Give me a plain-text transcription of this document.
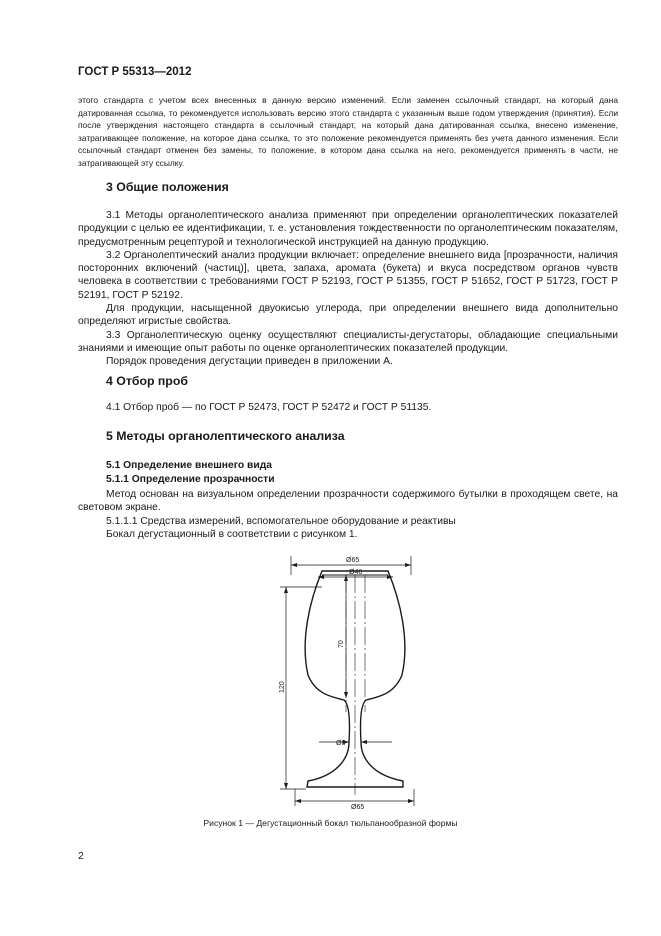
ГОСТ Р 55313—2012
этого стандарта с учетом всех внесенных в данную версию изменений. Если заменен ссылочный стандарт, на который дана датированная ссылка, то рекомендуется использовать версию этого стандарта с указанным выше годом утверждения (принятия). Если после утверждения настоящего стандарта в ссылочный стандарт, на который дана датированная ссылка, внесено изменение, затрагивающее положение, на которое дана ссылка, то это положение рекомендуется применять без учета данного изменения. Если ссылочный стандарт отменен без замены, то положение, в котором дана ссылка на него, рекомендуется применять в части, не затрагивающей эту ссылку.
3 Общие положения

3.1 Методы органолептического анализа применяют при определении органолептических показателей продукции с целью ее идентификации, т. е. установления тождественности по органолептическим показателям, предусмотренным рецептурой и технологической инструкцией на данную продукцию.

3.2 Органолептический анализ продукции включает: определение внешнего вида [прозрачности, наличия посторонних включений (частиц)], цвета, запаха, аромата (букета) и вкуса посредством органов чувств человека в соответствии с требованиями ГОСТ Р 52193, ГОСТ Р 51355, ГОСТ Р 51652, ГОСТ Р 51723, ГОСТ Р 52191, ГОСТ Р 52192.

Для продукции, насыщенной двуокисью углерода, при определении внешнего вида дополнительно определяют игристые свойства.

3.3 Органолептическую оценку осуществляют специалисты-дегустаторы, обладающие специальными знаниями и имеющие опыт работы по оценке органолептических показателей продукции.

Порядок проведения дегустации приведен в приложении А.

4 Отбор проб

4.1 Отбор проб — по ГОСТ Р 52473, ГОСТ Р 52472 и ГОСТ Р 51135.

5 Методы органолептического анализа
5.1 Определение внешнего вида
5.1.1 Определение прозрачности

Метод основан на визуальном определении прозрачности содержимого бутылки в проходящем свете, на световом экране.

5.1.1.1 Средства измерений, вспомогательное оборудование и реактивы

Бокал дегустационный в соответствии с рисунком 1.

Ø65
Ø46
70
120
Ø8
Ø65
Рисунок 1 — Дегустационный бокал тюльпанообразной формы
2
